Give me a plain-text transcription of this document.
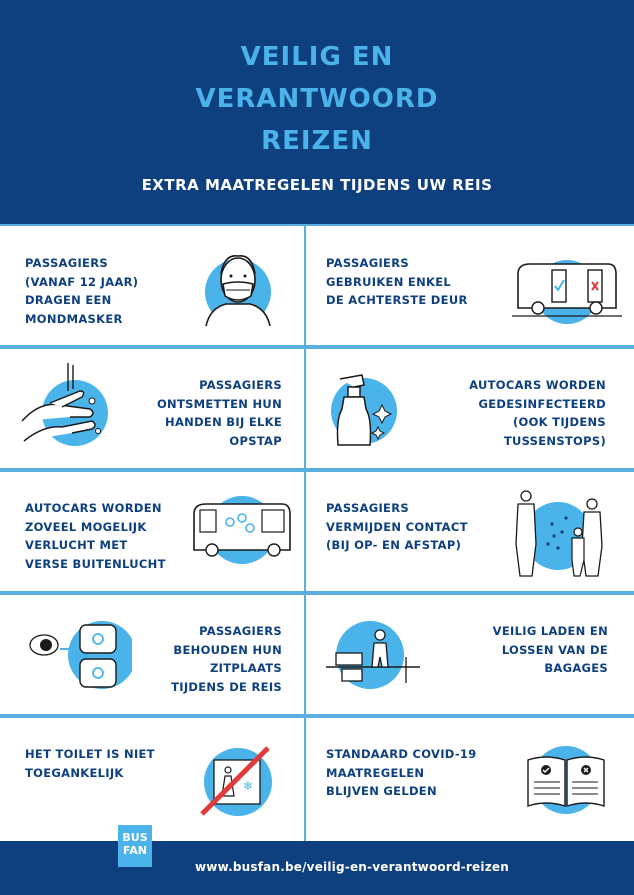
VEILIG EN
VERANTWOORD
REIZEN
EXTRA MAATREGELEN TIJDENS UW REIS
PASSAGIERS
(VANAF 12 JAAR)
DRAGEN EEN
MONDMASKER
PASSAGIERS
GEBRUIKEN ENKEL
DE ACHTERSTE DEUR
PASSAGIERS
ONTSMETTEN HUN
HANDEN BIJ ELKE
OPSTAP
AUTOCARS WORDEN
GEDESINFECTEERD
(OOK TIJDENS
TUSSENSTOPS)
AUTOCARS WORDEN
ZOVEEL MOGELIJK
VERLUCHT MET
VERSE BUITENLUCHT
PASSAGIERS
VERMIJDEN CONTACT
(BIJ OP- EN AFSTAP)
PASSAGIERS
BEHOUDEN HUN
ZITPLAATS
TIJDENS DE REIS
VEILIG LADEN EN
LOSSEN VAN DE
BAGAGES
HET TOILET IS NIET
TOEGANKELIJK
❄
STANDAARD COVID-19
MAATREGELEN
BLIJVEN GELDEN
BUS
FAN
www.busfan.be/veilig-en-verantwoord-reizen
